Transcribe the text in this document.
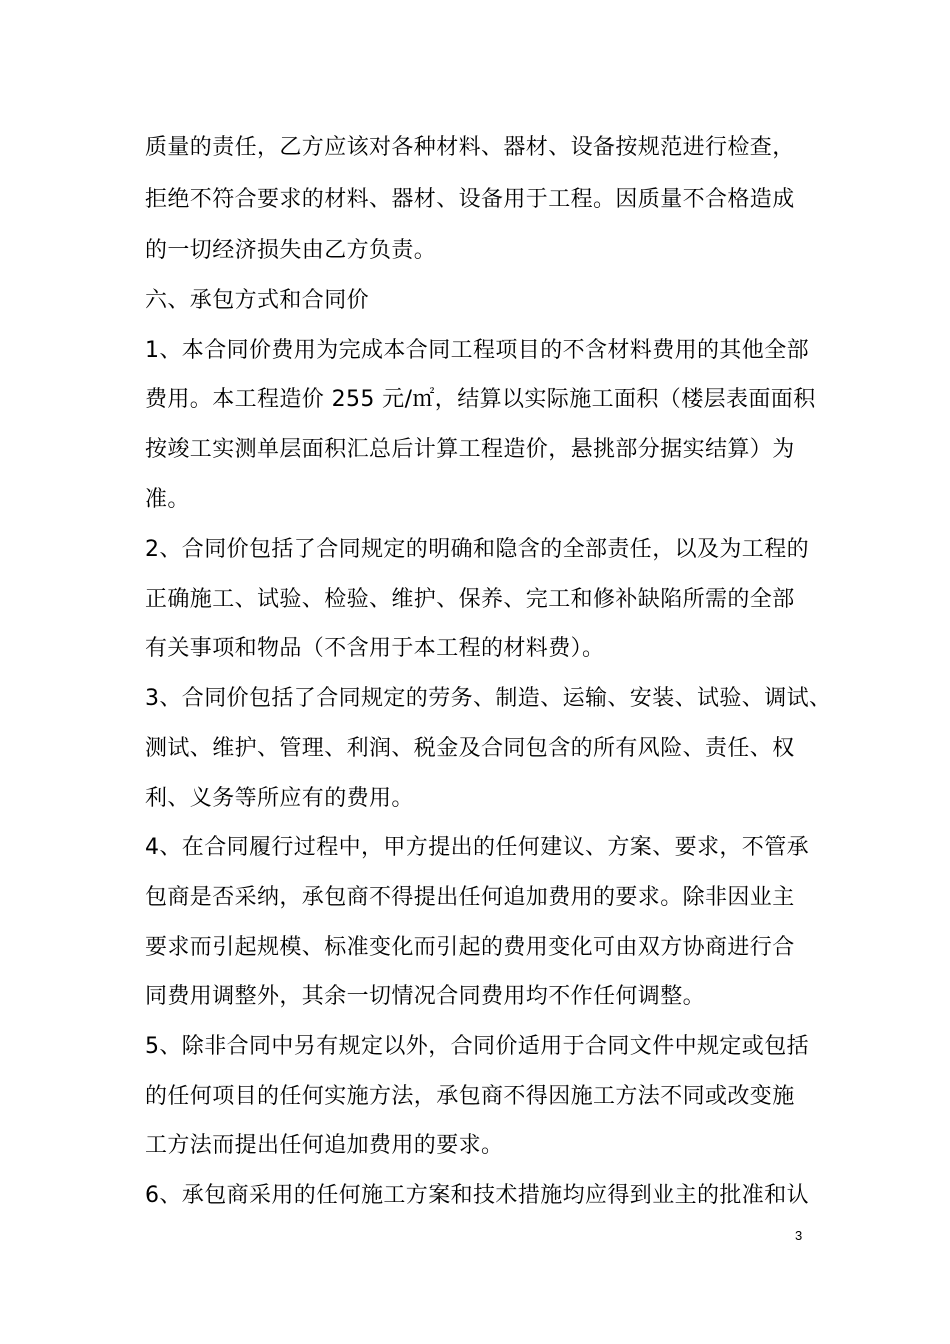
质量的责任，乙方应该对各种材料、器材、设备按规范进行检查，
拒绝不符合要求的材料、器材、设备用于工程。因质量不合格造成
的一切经济损失由乙方负责。
六、承包方式和合同价
1、本合同价费用为完成本合同工程项目的不含材料费用的其他全部
费用。本工程造价 255 元/㎡，结算以实际施工面积（楼层表面面积
按竣工实测单层面积汇总后计算工程造价，悬挑部分据实结算）为
准。
2、合同价包括了合同规定的明确和隐含的全部责任，以及为工程的
正确施工、试验、检验、维护、保养、完工和修补缺陷所需的全部
有关事项和物品（不含用于本工程的材料费）。
3、合同价包括了合同规定的劳务、制造、运输、安装、试验、调试、
测试、维护、管理、利润、税金及合同包含的所有风险、责任、权
利、义务等所应有的费用。
4、在合同履行过程中，甲方提出的任何建议、方案、要求，不管承
包商是否采纳，承包商不得提出任何追加费用的要求。除非因业主
要求而引起规模、标准变化而引起的费用变化可由双方协商进行合
同费用调整外，其余一切情况合同费用均不作任何调整。
5、除非合同中另有规定以外，合同价适用于合同文件中规定或包括
的任何项目的任何实施方法，承包商不得因施工方法不同或改变施
工方法而提出任何追加费用的要求。
6、承包商采用的任何施工方案和技术措施均应得到业主的批准和认
3
